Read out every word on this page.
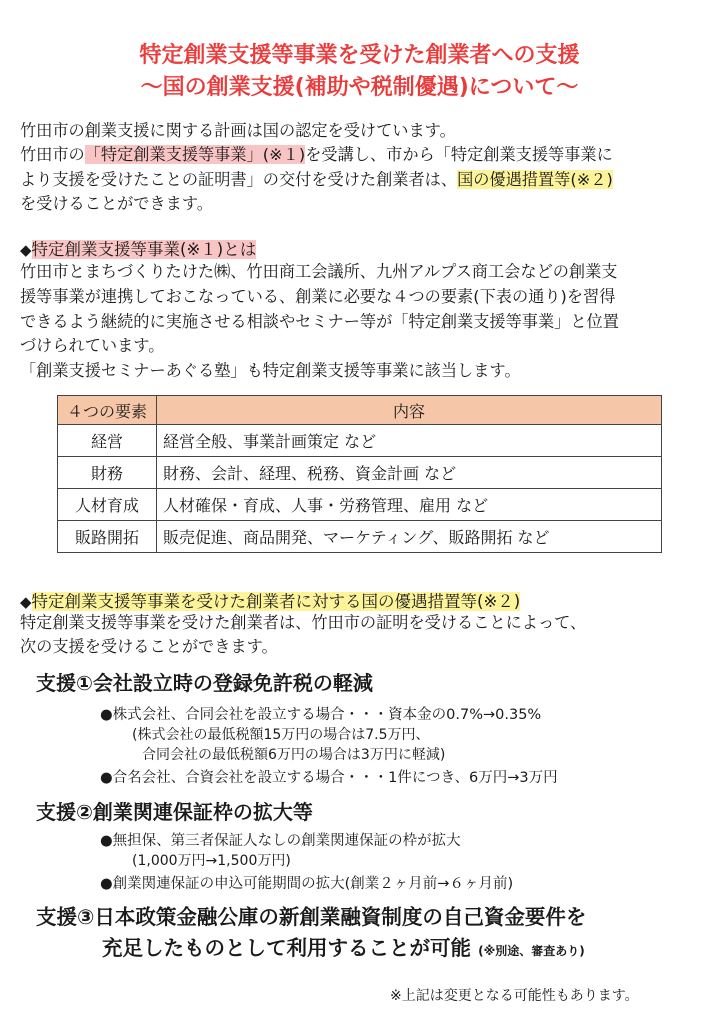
特定創業支援等事業を受けた創業者への支援
〜国の創業支援(補助や税制優遇)について〜
竹田市の創業支援に関する計画は国の認定を受けています。
竹田市の「特定創業支援等事業」(※１)を受講し、市から「特定創業支援等事業に
より支援を受けたことの証明書」の交付を受けた創業者は、国の優遇措置等(※２)
を受けることができます。
◆特定創業支援等事業(※１)とは
竹田市とまちづくりたけた㈱、竹田商工会議所、九州アルプス商工会などの創業支
援等事業が連携しておこなっている、創業に必要な４つの要素(下表の通り)を習得
できるよう継続的に実施させる相談やセミナー等が「特定創業支援等事業」と位置
づけられています。
「創業支援セミナーあぐる塾」も特定創業支援等事業に該当します。
４つの要素	内容
経営	経営全般、事業計画策定 など
財務	財務、会計、経理、税務、資金計画 など
人材育成	人材確保・育成、人事・労務管理、雇用 など
販路開拓	販売促進、商品開発、マーケティング、販路開拓 など
◆特定創業支援等事業を受けた創業者に対する国の優遇措置等(※２)
特定創業支援等事業を受けた創業者は、竹田市の証明を受けることによって、
次の支援を受けることができます。
支援①会社設立時の登録免許税の軽減
●株式会社、合同会社を設立する場合・・・資本金の0.7%→0.35%
(株式会社の最低税額15万円の場合は7.5万円、
合同会社の最低税額6万円の場合は3万円に軽減)
●合名会社、合資会社を設立する場合・・・1件につき、6万円→3万円
支援②創業関連保証枠の拡大等
●無担保、第三者保証人なしの創業関連保証の枠が拡大
(1,000万円→1,500万円)
●創業関連保証の申込可能期間の拡大(創業２ヶ月前→６ヶ月前)
支援③日本政策金融公庫の新創業融資制度の自己資金要件を
充足したものとして利用することが可能 (※別途、審査あり)
※上記は変更となる可能性もあります。
